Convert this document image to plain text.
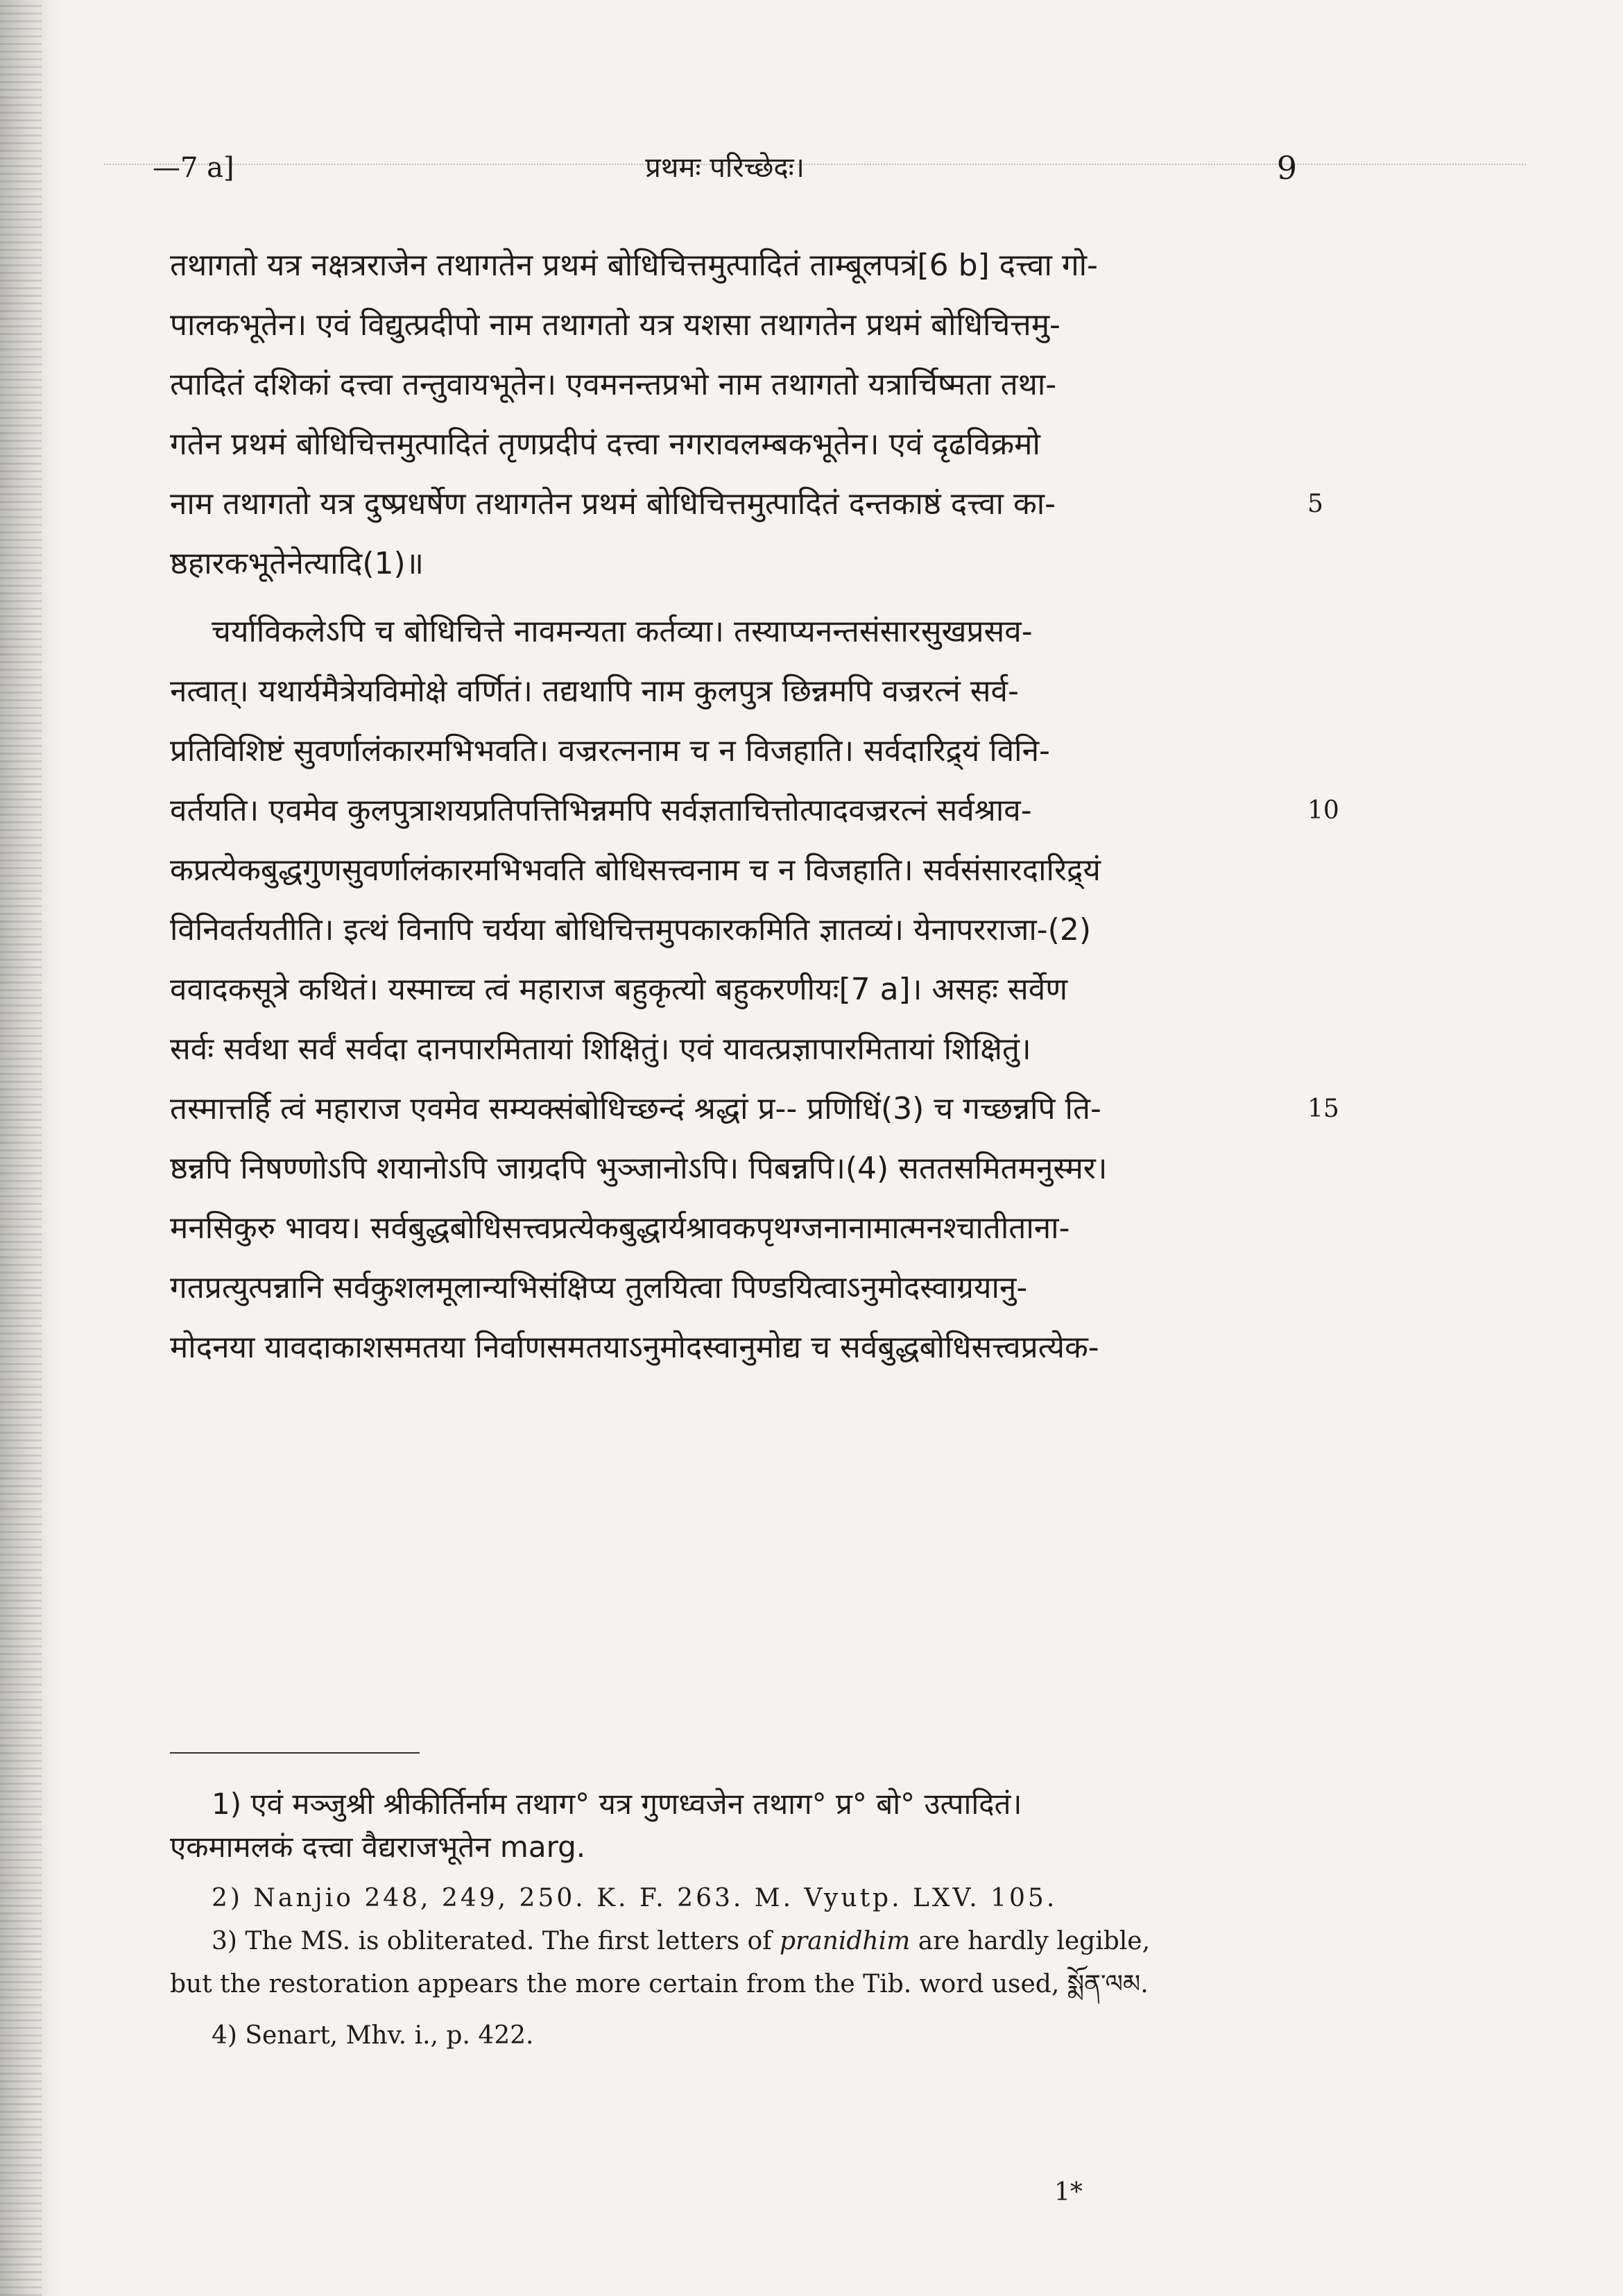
—7 a]	प्रथमः परिच्छेदः।	9
तथागतो यत्र नक्षत्रराजेन तथागतेन प्रथमं बोधिचित्तमुत्पादितं ताम्बूलपत्रं[6 b] दत्त्वा गो-
पालकभूतेन। एवं विद्युत्प्रदीपो नाम तथागतो यत्र यशसा तथागतेन प्रथमं बोधिचित्तमु-
त्पादितं दशिकां दत्त्वा तन्तुवायभूतेन। एवमनन्तप्रभो नाम तथागतो यत्रार्चिष्मता तथा-
गतेन प्रथमं बोधिचित्तमुत्पादितं तृणप्रदीपं दत्त्वा नगरावलम्बकभूतेन। एवं दृढविक्रमो
नाम तथागतो यत्र दुष्प्रधर्षेण तथागतेन प्रथमं बोधिचित्तमुत्पादितं दन्तकाष्ठं दत्त्वा का-	5
ष्ठहारकभूतेनेत्यादि(1)॥
चर्याविकलेऽपि च बोधिचित्ते नावमन्यता कर्तव्या। तस्याप्यनन्तसंसारसुखप्रसव-
नत्वात्। यथार्यमैत्रेयविमोक्षे वर्णितं। तद्यथापि नाम कुलपुत्र छिन्नमपि वज्ररत्नं सर्व-
प्रतिविशिष्टं सुवर्णालंकारमभिभवति। वज्ररत्ननाम च न विजहाति। सर्वदारिद्र्यं विनि-
वर्तयति। एवमेव कुलपुत्राशयप्रतिपत्तिभिन्नमपि सर्वज्ञताचित्तोत्पादवज्ररत्नं सर्वश्राव-	10
कप्रत्येकबुद्धगुणसुवर्णालंकारमभिभवति बोधिसत्त्वनाम च न विजहाति। सर्वसंसारदारिद्र्यं
विनिवर्तयतीति। इत्थं विनापि चर्यया बोधिचित्तमुपकारकमिति ज्ञातव्यं। येनापरराजा-(2)
ववादकसूत्रे कथितं। यस्माच्च त्वं महाराज बहुकृत्यो बहुकरणीयः[7 a]। असहः सर्वेण
सर्वः सर्वथा सर्वं सर्वदा दानपारमितायां शिक्षितुं। एवं यावत्प्रज्ञापारमितायां शिक्षितुं।
तस्मात्तर्हि त्वं महाराज एवमेव सम्यक्संबोधिच्छन्दं श्रद्धां प्र-- प्रणिधिं(3) च गच्छन्नपि ति-	15
ष्ठन्नपि निषण्णोऽपि शयानोऽपि जाग्रदपि भुञ्जानोऽपि। पिबन्नपि।(4) सततसमितमनुस्मर।
मनसिकुरु भावय। सर्वबुद्धबोधिसत्त्वप्रत्येकबुद्धार्यश्रावकपृथग्जनानामात्मनश्चातीताना-
गतप्रत्युत्पन्नानि सर्वकुशलमूलान्यभिसंक्षिप्य तुलयित्वा पिण्डयित्वाऽनुमोदस्वाग्रयानु-
मोदनया यावदाकाशसमतया निर्वाणसमतयाऽनुमोदस्वानुमोद्य च सर्वबुद्धबोधिसत्त्वप्रत्येक-
1) एवं मञ्जुश्री श्रीकीर्तिर्नाम तथाग° यत्र गुणध्वजेन तथाग° प्र° बो° उत्पादितं।
एकमामलकं दत्त्वा वैद्यराजभूतेन marg.
2) Nanjio 248, 249, 250. K. F. 263. M. Vyutp. LXV. 105.
3) The MS. is obliterated. The first letters of pranidhim are hardly legible,
but the restoration appears the more certain from the Tib. word used, སྨོན་ལམ.
4) Senart, Mhv. i., p. 422.
1*
